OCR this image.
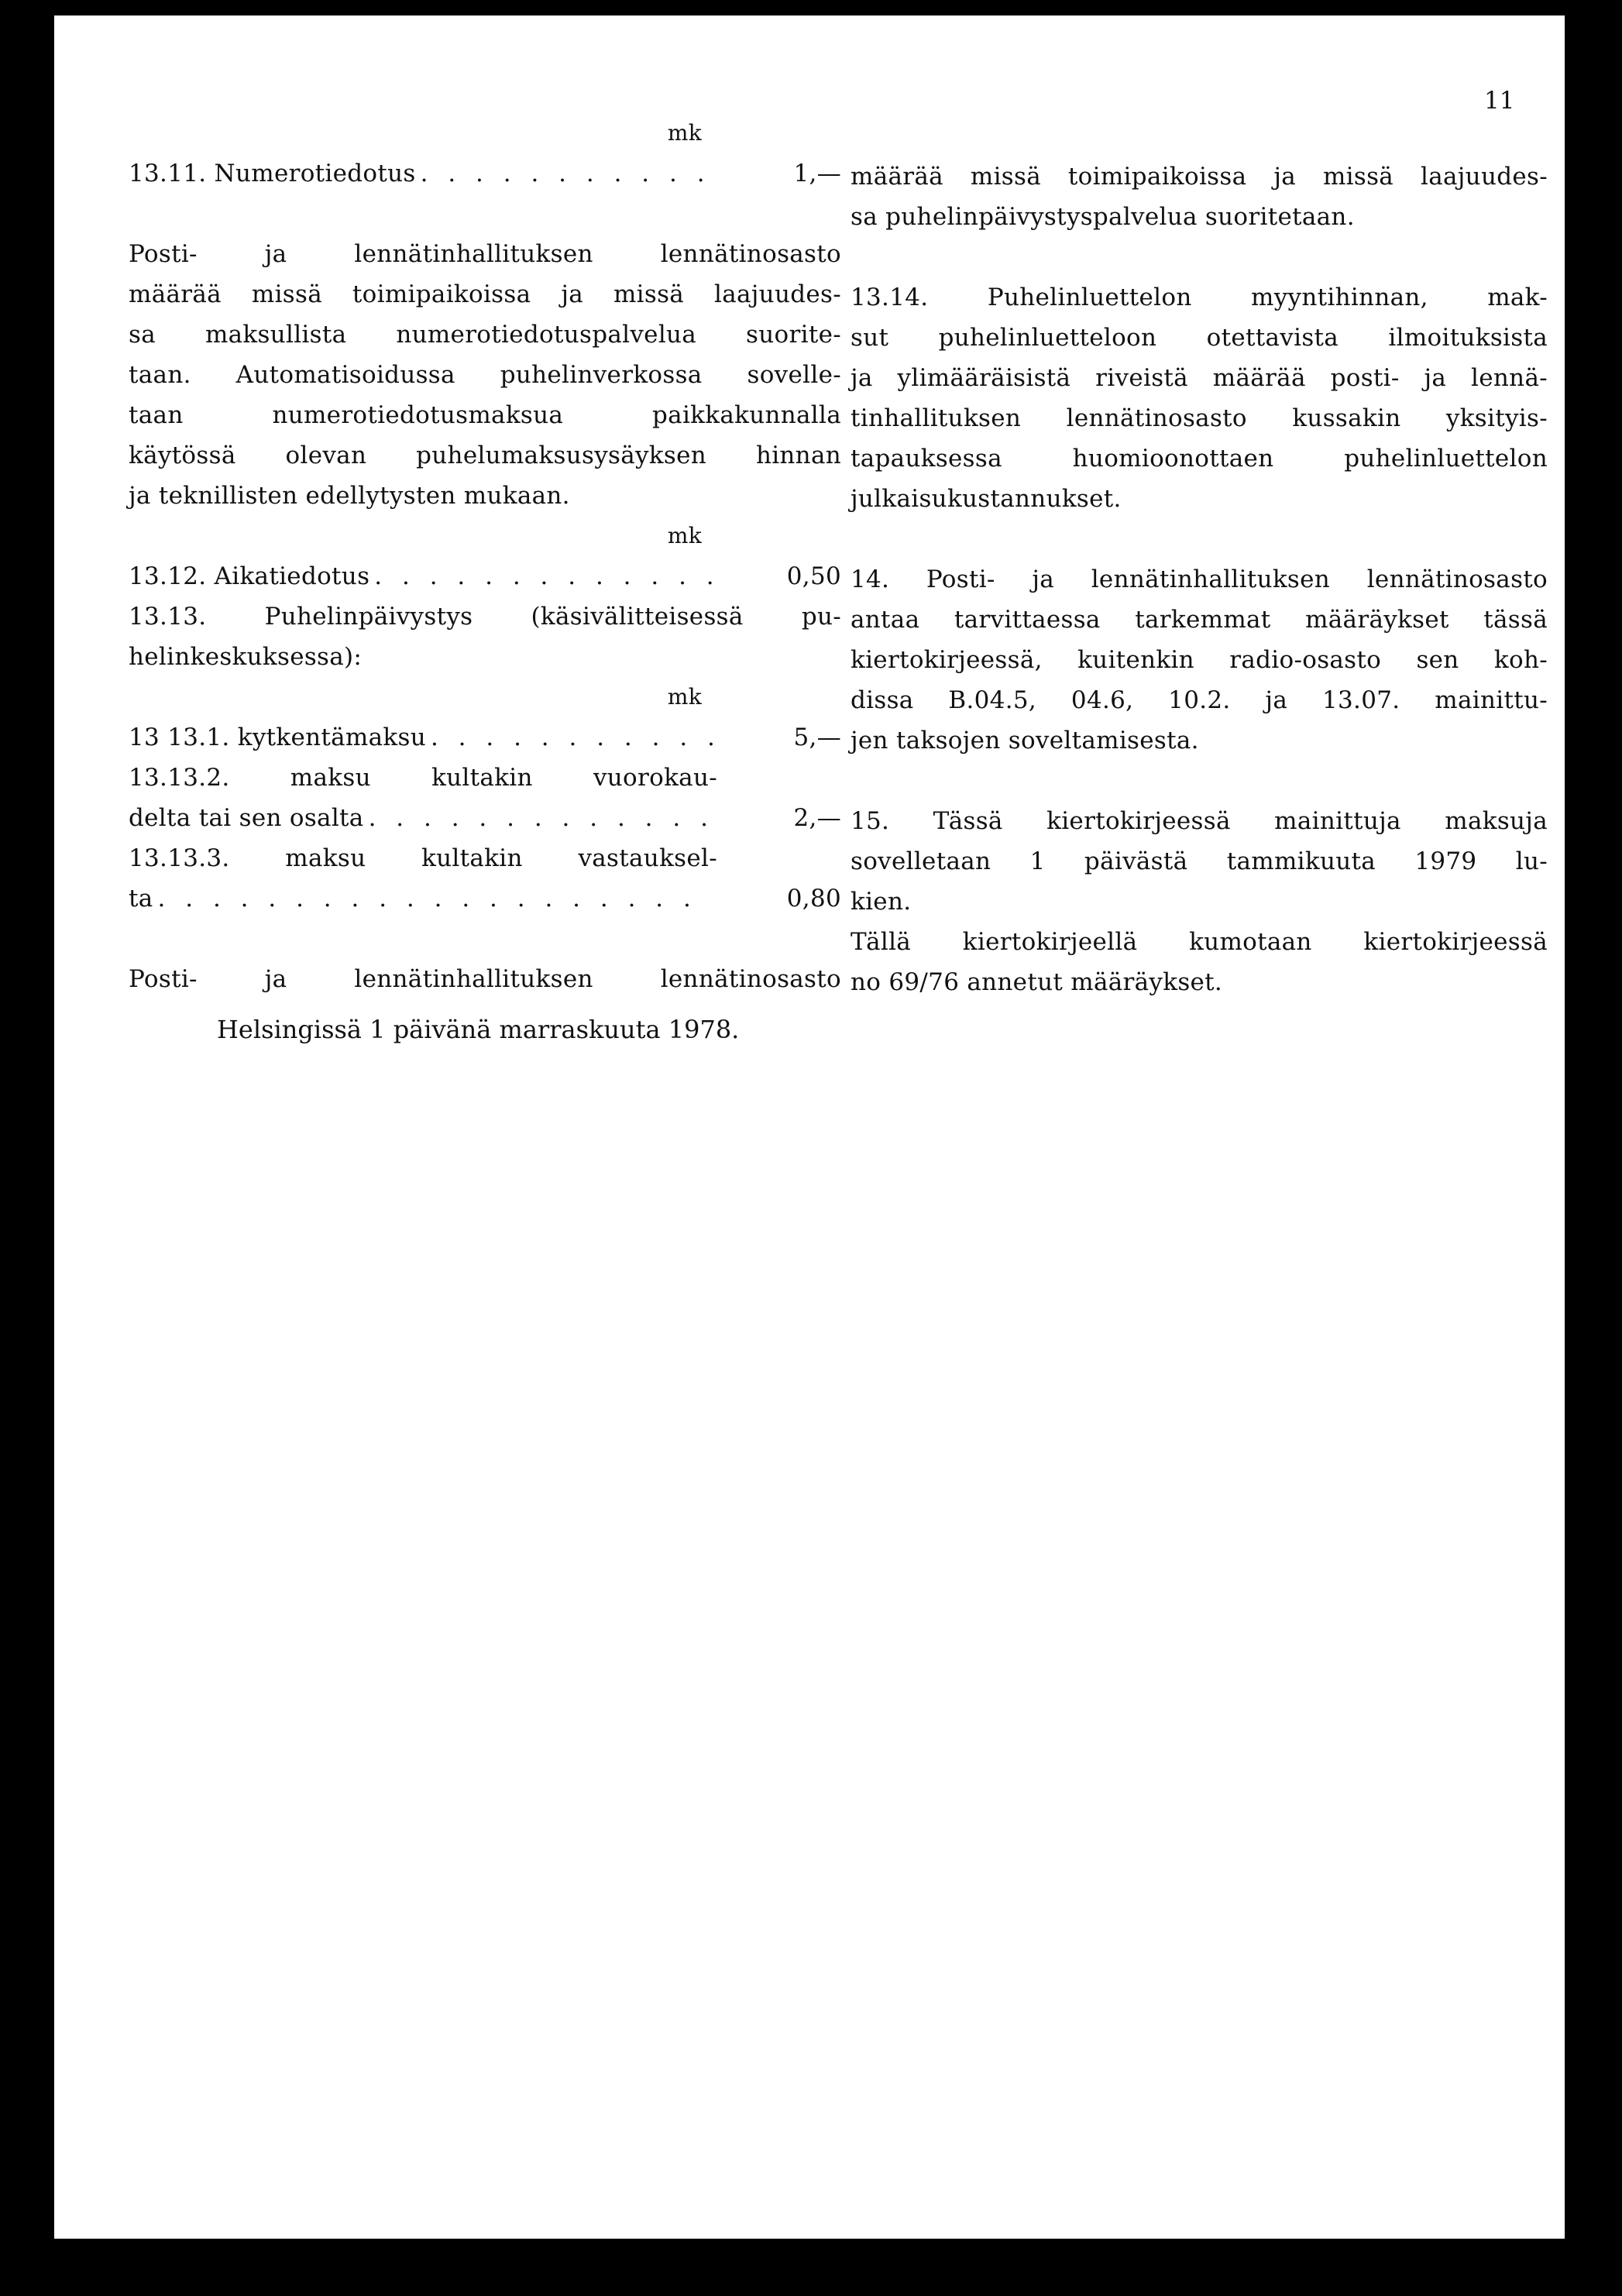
11
mk
13.11. Numerotiedotus . . .	1,—
Posti- ja lennätinhallituksen lennätinosasto
määrää missä toimipaikoissa ja missä laajuudes-
sa maksullista numerotiedotuspalvelua suorite-
taan. Automatisoidussa puhelinverkossa sovelle-
taan numerotiedotusmaksua paikkakunnalla
käytössä olevan puhelumaksusysäyksen hinnan
ja teknillisten edellytysten mukaan.
mk
13.12. Aikatiedotus . . .	0,50
13.13. Puhelinpäivystys (käsivälitteisessä pu-
helinkeskuksessa):
mk
13 13.1. kytkentämaksu . . .	5,—
13.13.2. maksu kultakin vuorokau-
delta tai sen osalta . . .	2,—
13.13.3. maksu kultakin vastauksel-
ta . . .	0,80
Posti- ja lennätinhallituksen lennätinosasto
määrää missä toimipaikoissa ja missä laajuudes-
sa puhelinpäivystyspalvelua suoritetaan.
13.14. Puhelinluettelon myyntihinnan, mak-
sut puhelinluetteloon otettavista ilmoituksista
ja ylimääräisistä riveistä määrää posti- ja lennä-
tinhallituksen lennätinosasto kussakin yksityis-
tapauksessa huomioonottaen puhelinluettelon
julkaisukustannukset.
14. Posti- ja lennätinhallituksen lennätinosasto
antaa tarvittaessa tarkemmat määräykset tässä
kiertokirjeessä, kuitenkin radio-osasto sen koh-
dissa B.04.5, 04.6, 10.2. ja 13.07. mainittu-
jen taksojen soveltamisesta.
15. Tässä kiertokirjeessä mainittuja maksuja
sovelletaan 1 päivästä tammikuuta 1979 lu-
kien.
Tällä kiertokirjeellä kumotaan kiertokirjeessä
no 69/76 annetut määräykset.
Helsingissä 1 päivänä marraskuuta 1978.
